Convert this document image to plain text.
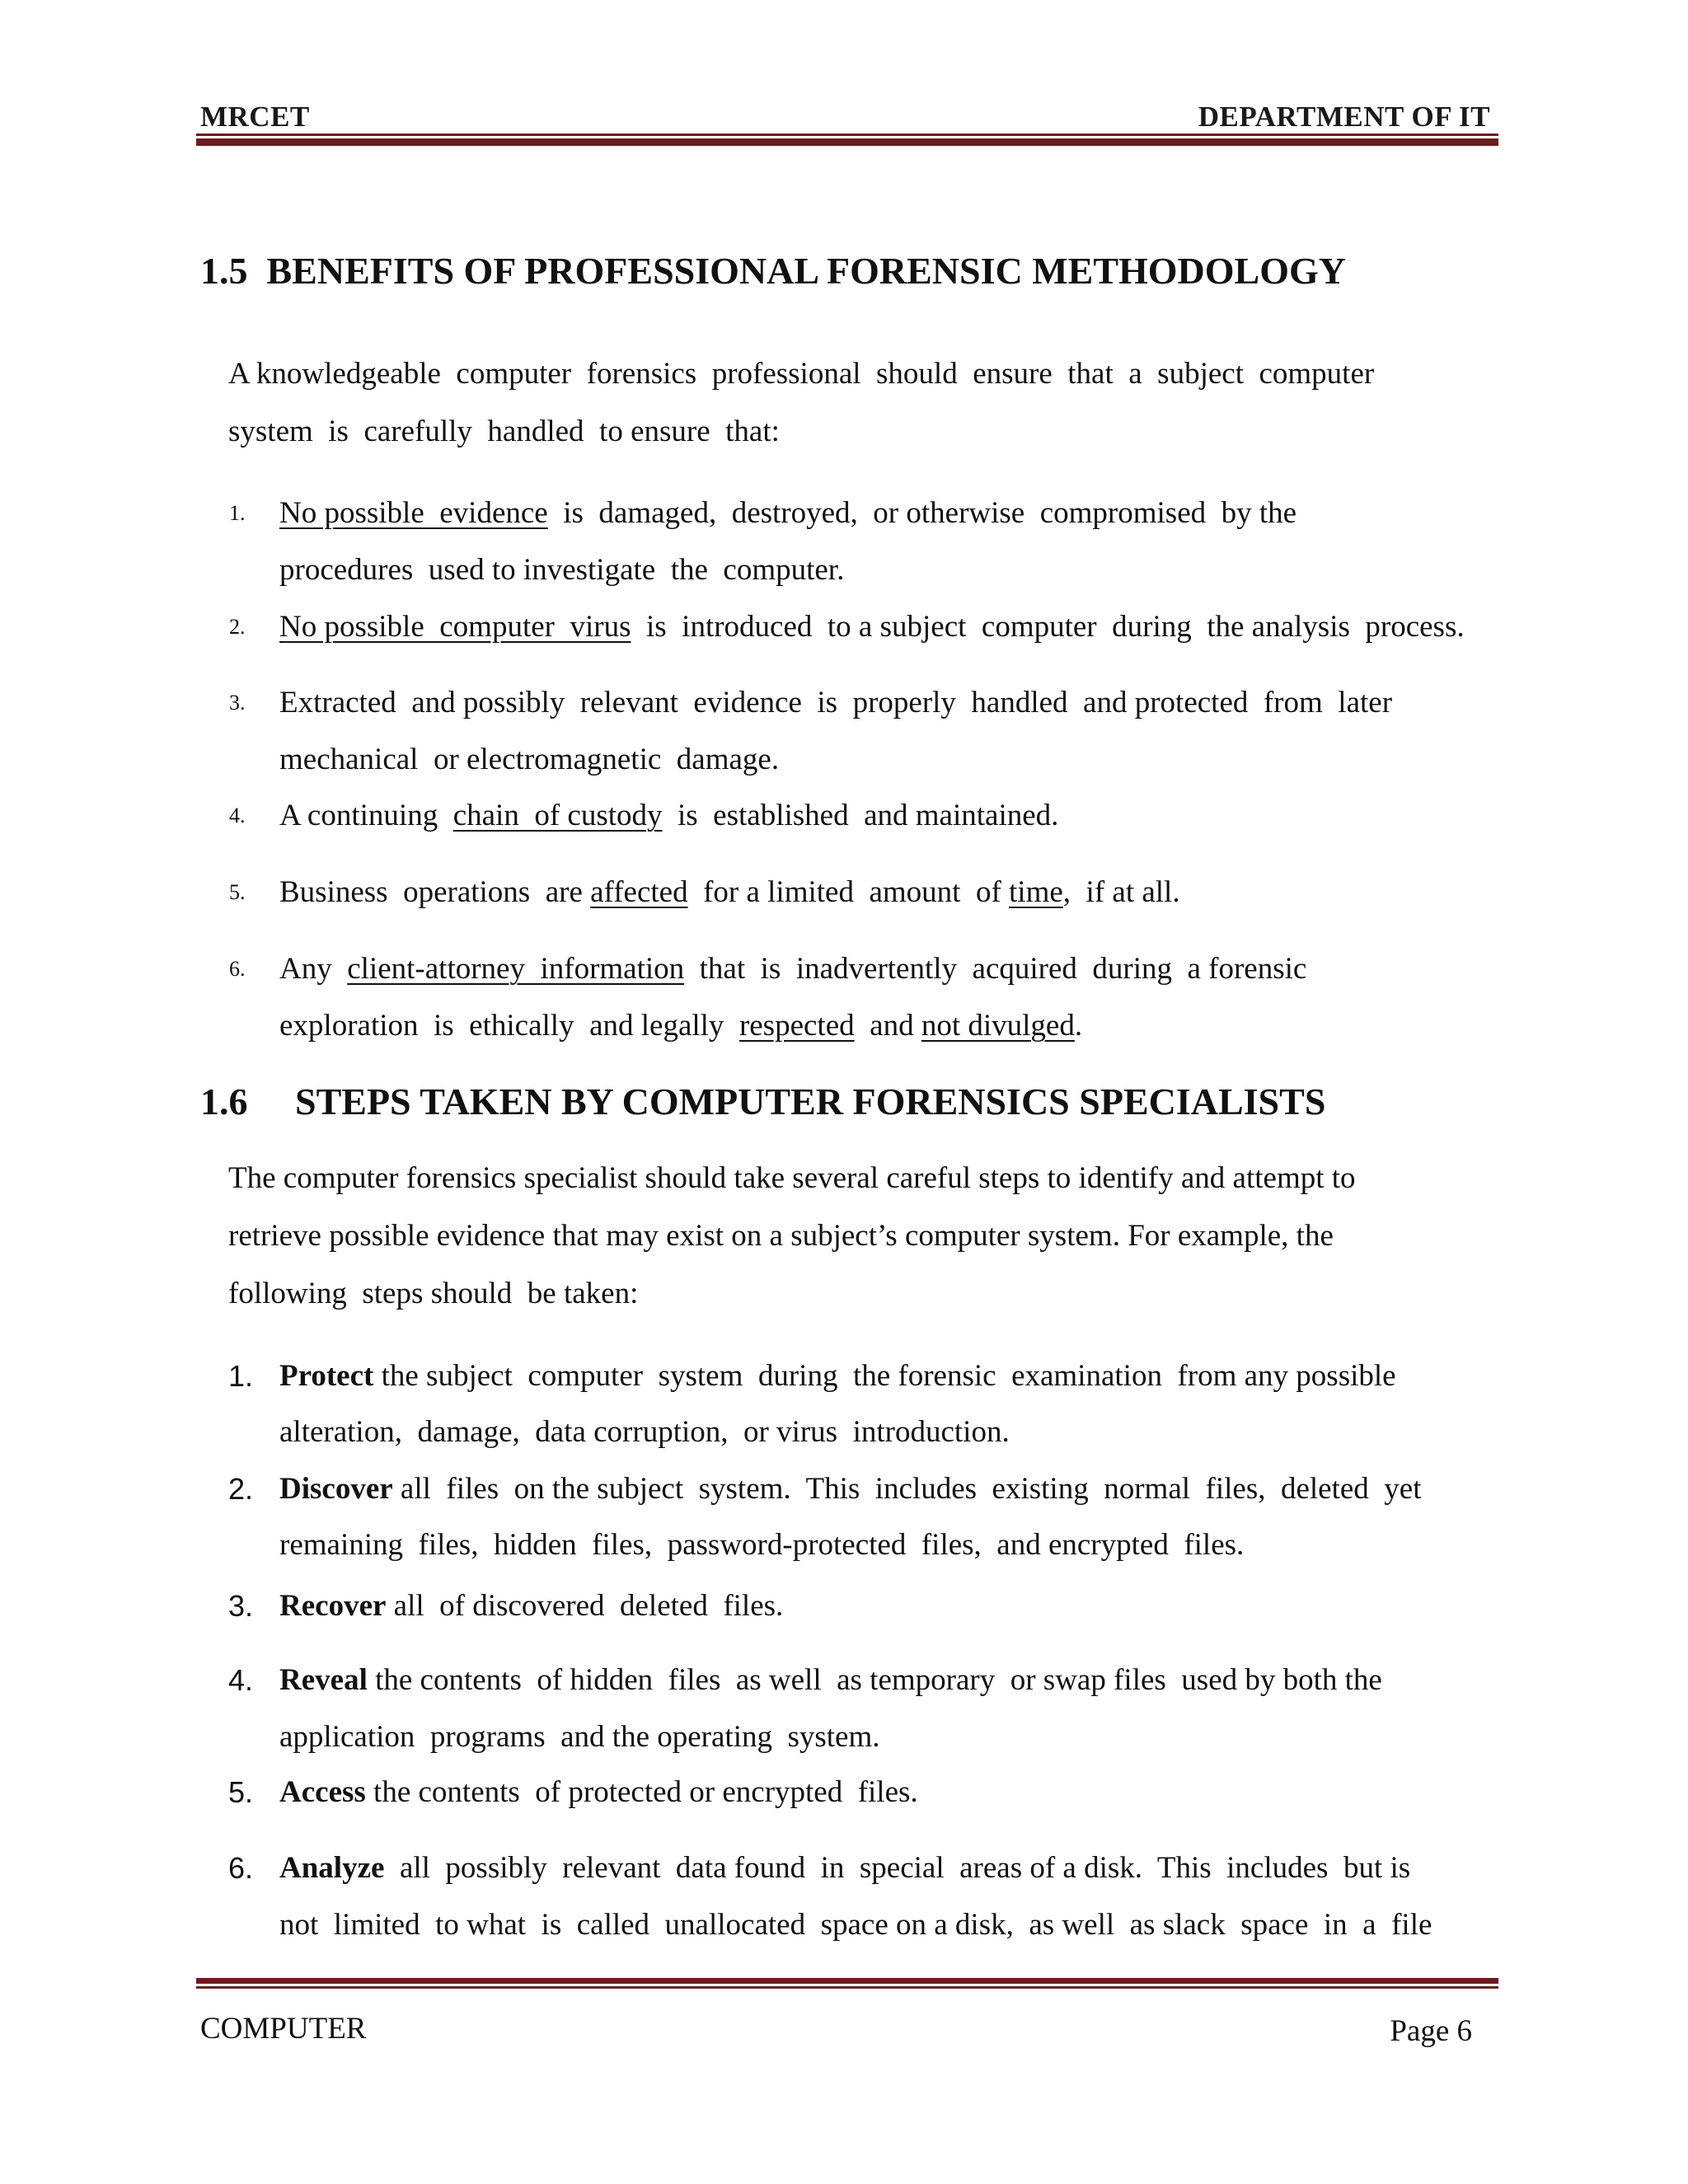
MRCET	DEPARTMENT OF IT
1.5  BENEFITS OF PROFESSIONAL FORENSIC METHODOLOGY
A knowledgeable  computer  forensics  professional  should  ensure  that  a  subject  computer
system  is  carefully  handled  to ensure  that:
1. No possible  evidence  is  damaged,  destroyed,  or otherwise  compromised  by the
procedures  used to investigate  the  computer.
2. No possible  computer  virus  is  introduced  to a subject  computer  during  the analysis  process.
3. Extracted  and possibly  relevant  evidence  is  properly  handled  and protected  from  later
mechanical  or electromagnetic  damage.
4. A continuing  chain  of custody  is  established  and maintained.
5. Business  operations  are affected  for a limited  amount  of time,  if at all.
6. Any  client-attorney  information  that  is  inadvertently  acquired  during  a forensic
exploration  is  ethically  and legally  respected  and not divulged.
1.6     STEPS TAKEN BY COMPUTER FORENSICS SPECIALISTS
The computer forensics specialist should take several careful steps to identify and attempt to
retrieve possible evidence that may exist on a subject’s computer system. For example, the
following  steps should  be taken:
1. Protect the subject  computer  system  during  the forensic  examination  from any possible
alteration,  damage,  data corruption,  or virus  introduction.
2. Discover all  files  on the subject  system.  This  includes  existing  normal  files,  deleted  yet
remaining  files,  hidden  files,  password-protected  files,  and encrypted  files.
3. Recover all  of discovered  deleted  files.
4. Reveal the contents  of hidden  files  as well  as temporary  or swap files  used by both the
application  programs  and the operating  system.
5. Access the contents  of protected or encrypted  files.
6. Analyze  all  possibly  relevant  data found  in  special  areas of a disk.  This  includes  but is
not  limited  to what  is  called  unallocated  space on a disk,  as well  as slack  space  in  a  file
COMPUTER	Page 6
